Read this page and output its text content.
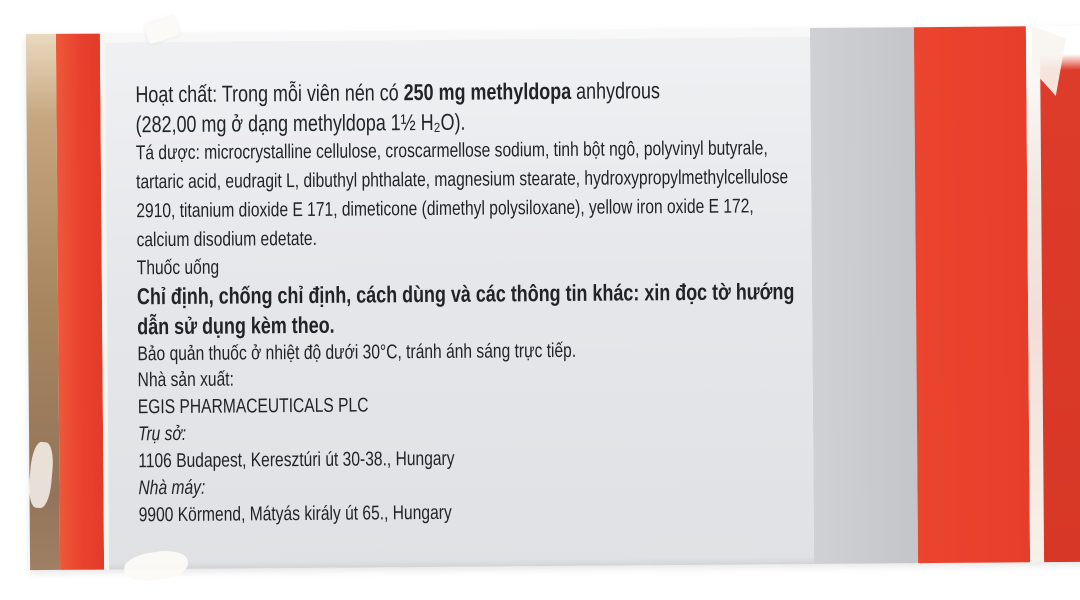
Hoạt chất: Trong mỗi viên nén có 250 mg methyldopa anhydrous
(282,00 mg ở dạng methyldopa 1½ H₂O).

Tá dược: microcrystalline cellulose, croscarmellose sodium, tinh bột ngô, polyvinyl butyrale, tartaric acid, eudragit L, dibuthyl phthalate, magnesium stearate, hydroxypropylmethylcellulose 2910, titanium dioxide E 171, dimeticone (dimethyl polysiloxane), yellow iron oxide E 172, calcium disodium edetate.

Thuốc uống

Chỉ định, chống chỉ định, cách dùng và các thông tin khác: xin đọc tờ hướng dẫn sử dụng kèm theo.

Bảo quản thuốc ở nhiệt độ dưới 30°C, tránh ánh sáng trực tiếp.

Nhà sản xuất:
EGIS PHARMACEUTICALS PLC
Trụ sở:
1106 Budapest, Keresztúri út 30-38., Hungary
Nhà máy:
9900 Körmend, Mátyás király út 65., Hungary
